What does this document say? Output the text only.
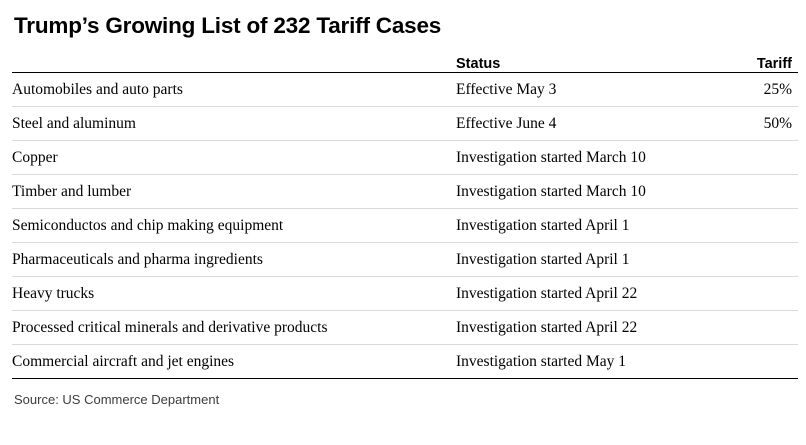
Trump’s Growing List of 232 Tariff Cases
	Status	Tariff
Automobiles and auto parts	Effective May 3	25%
Steel and aluminum	Effective June 4	50%
Copper	Investigation started March 10	
Timber and lumber	Investigation started March 10	
Semiconductos and chip making equipment	Investigation started April 1	
Pharmaceuticals and pharma ingredients	Investigation started April 1	
Heavy trucks	Investigation started April 22	
Processed critical minerals and derivative products	Investigation started April 22	
Commercial aircraft and jet engines	Investigation started May 1	
Source: US Commerce Department
